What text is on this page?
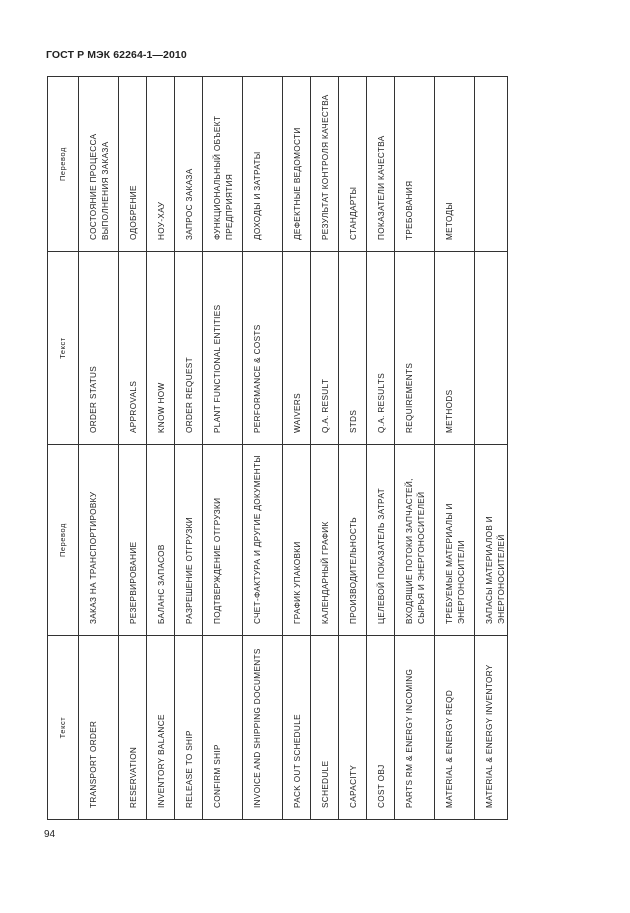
ГОСТ Р МЭК 62264-1—2010
Текст	Перевод	Текст	Перевод
TRANSPORT ORDER	ЗАКАЗ НА ТРАНСПОРТИРОВКУ	ORDER STATUS	СОСТОЯНИЕ ПРОЦЕССА ВЫПОЛНЕНИЯ ЗАКАЗА
RESERVATION	РЕЗЕРВИРОВАНИЕ	APPROVALS	ОДОБРЕНИЕ
INVENTORY BALANCE	БАЛАНС ЗАПАСОВ	KNOW HOW	НОУ-ХАУ
RELEASE TO SHIP	РАЗРЕШЕНИЕ ОТГРУЗКИ	ORDER REQUEST	ЗАПРОС ЗАКАЗА
CONFIRM SHIP	ПОДТВЕРЖДЕНИЕ ОТГРУЗКИ	PLANT FUNCTIONAL ENTITIES	ФУНКЦИОНАЛЬНЫЙ ОБЪЕКТ ПРЕДПРИЯТИЯ
INVOICE AND SHIPPING DOCUMENTS	СЧЕТ-ФАКТУРА И ДРУГИЕ ДОКУМЕНТЫ	PERFORMANCE & COSTS	ДОХОДЫ И ЗАТРАТЫ
PACK OUT SCHEDULE	ГРАФИК УПАКОВКИ	WAIVERS	ДЕФЕКТНЫЕ ВЕДОМОСТИ
SCHEDULE	КАЛЕНДАРНЫЙ ГРАФИК	Q.A. RESULT	РЕЗУЛЬТАТ КОНТРОЛЯ КАЧЕСТВА
CAPACITY	ПРОИЗВОДИТЕЛЬНОСТЬ	STDS	СТАНДАРТЫ
COST OBJ	ЦЕЛЕВОЙ ПОКАЗАТЕЛЬ ЗАТРАТ	Q.A. RESULTS	ПОКАЗАТЕЛИ КАЧЕСТВА
PARTS RM & ENERGY INCOMING	ВХОДЯЩИЕ ПОТОКИ ЗАПЧАСТЕЙ, СЫРЬЯ И ЭНЕРГОНОСИТЕЛЕЙ	REQUIREMENTS	ТРЕБОВАНИЯ
MATERIAL & ENERGY REQD	ТРЕБУЕМЫЕ МАТЕРИАЛЫ И ЭНЕРГОНОСИТЕЛИ	METHODS	МЕТОДЫ
MATERIAL & ENERGY INVENTORY	ЗАПАСЫ МАТЕРИАЛОВ И ЭНЕРГОНОСИТЕЛЕЙ		
94
